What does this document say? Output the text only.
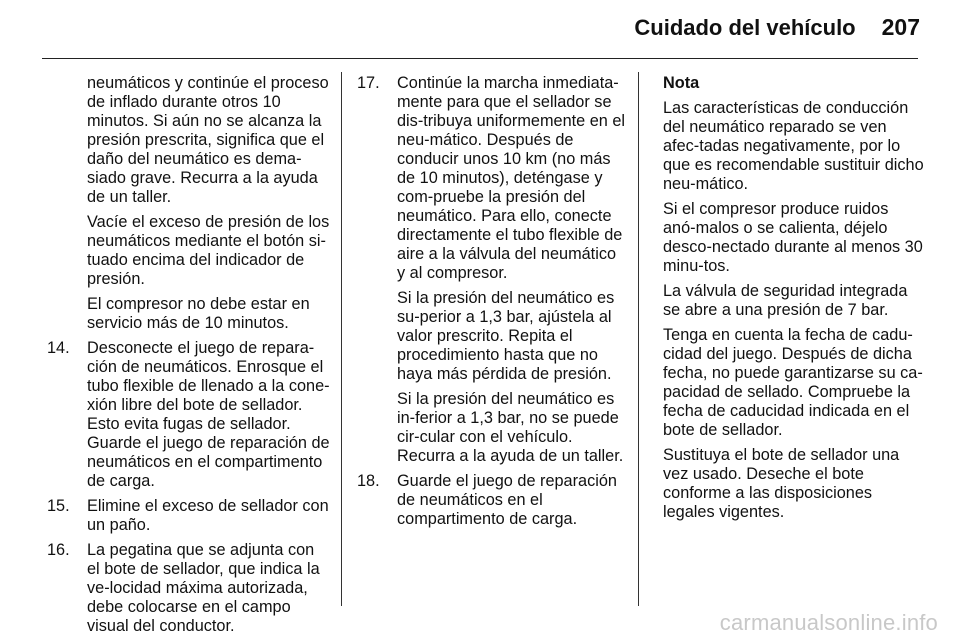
Cuidado del vehículo 207

neumáticos y continúe el proceso de inflado durante otros 10 minutos. Si aún no se alcanza la presión prescrita, significa que el daño del neumático es dema-siado grave. Recurra a la ayuda de un taller.

Vacíe el exceso de presión de los neumáticos mediante el botón si-tuado encima del indicador de presión.

El compresor no debe estar en servicio más de 10 minutos.

14.	Desconecte el juego de repara-ción de neumáticos. Enrosque el tubo flexible de llenado a la cone-xión libre del bote de sellador. Esto evita fugas de sellador. Guarde el juego de reparación de neumáticos en el compartimento de carga.

15.	Elimine el exceso de sellador con un paño.

16.	La pegatina que se adjunta con el bote de sellador, que indica la ve-locidad máxima autorizada, debe colocarse en el campo visual del conductor.

17.	Continúe la marcha inmediata-mente para que el sellador se dis-tribuya uniformemente en el neu-mático. Después de conducir unos 10 km (no más de 10 minutos), deténgase y com-pruebe la presión del neumático. Para ello, conecte directamente el tubo flexible de aire a la válvula del neumático y al compresor.

Si la presión del neumático es su-perior a 1,3 bar, ajústela al valor prescrito. Repita el procedimiento hasta que no haya más pérdida de presión.

Si la presión del neumático es in-ferior a 1,3 bar, no se puede cir-cular con el vehículo. Recurra a la ayuda de un taller.

18.	Guarde el juego de reparación de neumáticos en el compartimento de carga.

Nota

Las características de conducción del neumático reparado se ven afec-tadas negativamente, por lo que es recomendable sustituir dicho neu-mático.

Si el compresor produce ruidos anó-malos o se calienta, déjelo desco-nectado durante al menos 30 minu-tos.

La válvula de seguridad integrada se abre a una presión de 7 bar.

Tenga en cuenta la fecha de cadu-cidad del juego. Después de dicha fecha, no puede garantizarse su ca-pacidad de sellado. Compruebe la fecha de caducidad indicada en el bote de sellador.

Sustituya el bote de sellador una vez usado. Deseche el bote conforme a las disposiciones legales vigentes.

carmanualsonline.info
